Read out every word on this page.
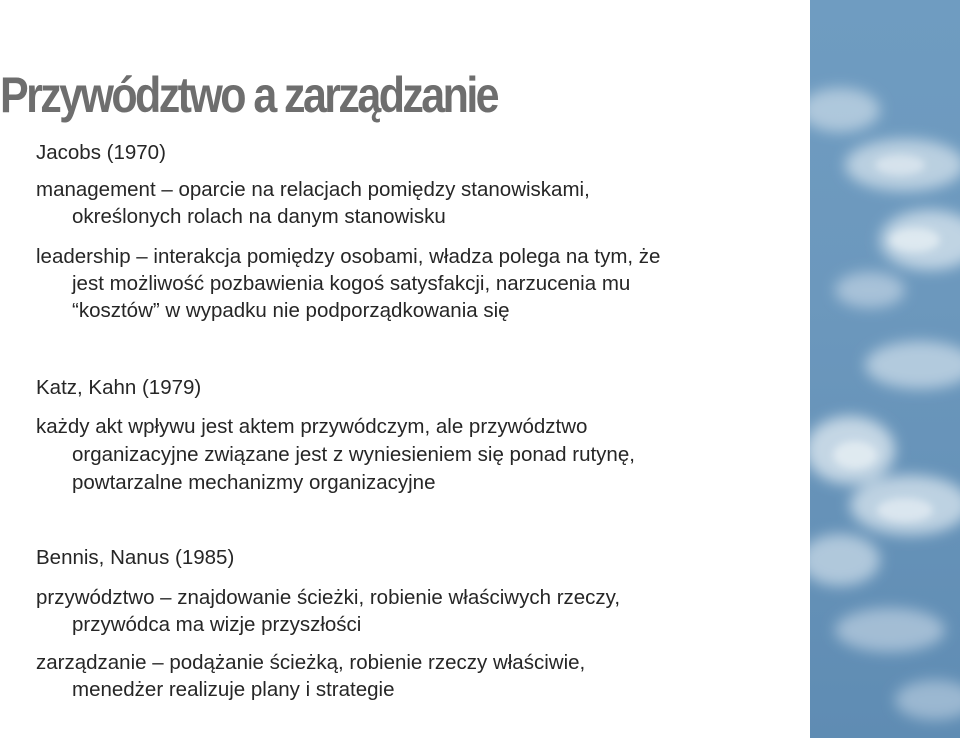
Przywództwo a zarządzanie
Jacobs (1970)
management – oparcie na relacjach pomiędzy stanowiskami,
określonych rolach na danym stanowisku
leadership – interakcja pomiędzy osobami, władza polega na tym, że
jest możliwość pozbawienia kogoś satysfakcji, narzucenia mu
“kosztów” w wypadku nie podporządkowania się
Katz, Kahn (1979)
każdy akt wpływu jest aktem przywódczym, ale przywództwo
organizacyjne związane jest z wyniesieniem się ponad rutynę,
powtarzalne mechanizmy organizacyjne
Bennis, Nanus (1985)
przywództwo – znajdowanie ścieżki, robienie właściwych rzeczy,
przywódca ma wizje przyszłości
zarządzanie – podążanie ścieżką, robienie rzeczy właściwie,
menedżer realizuje plany i strategie
